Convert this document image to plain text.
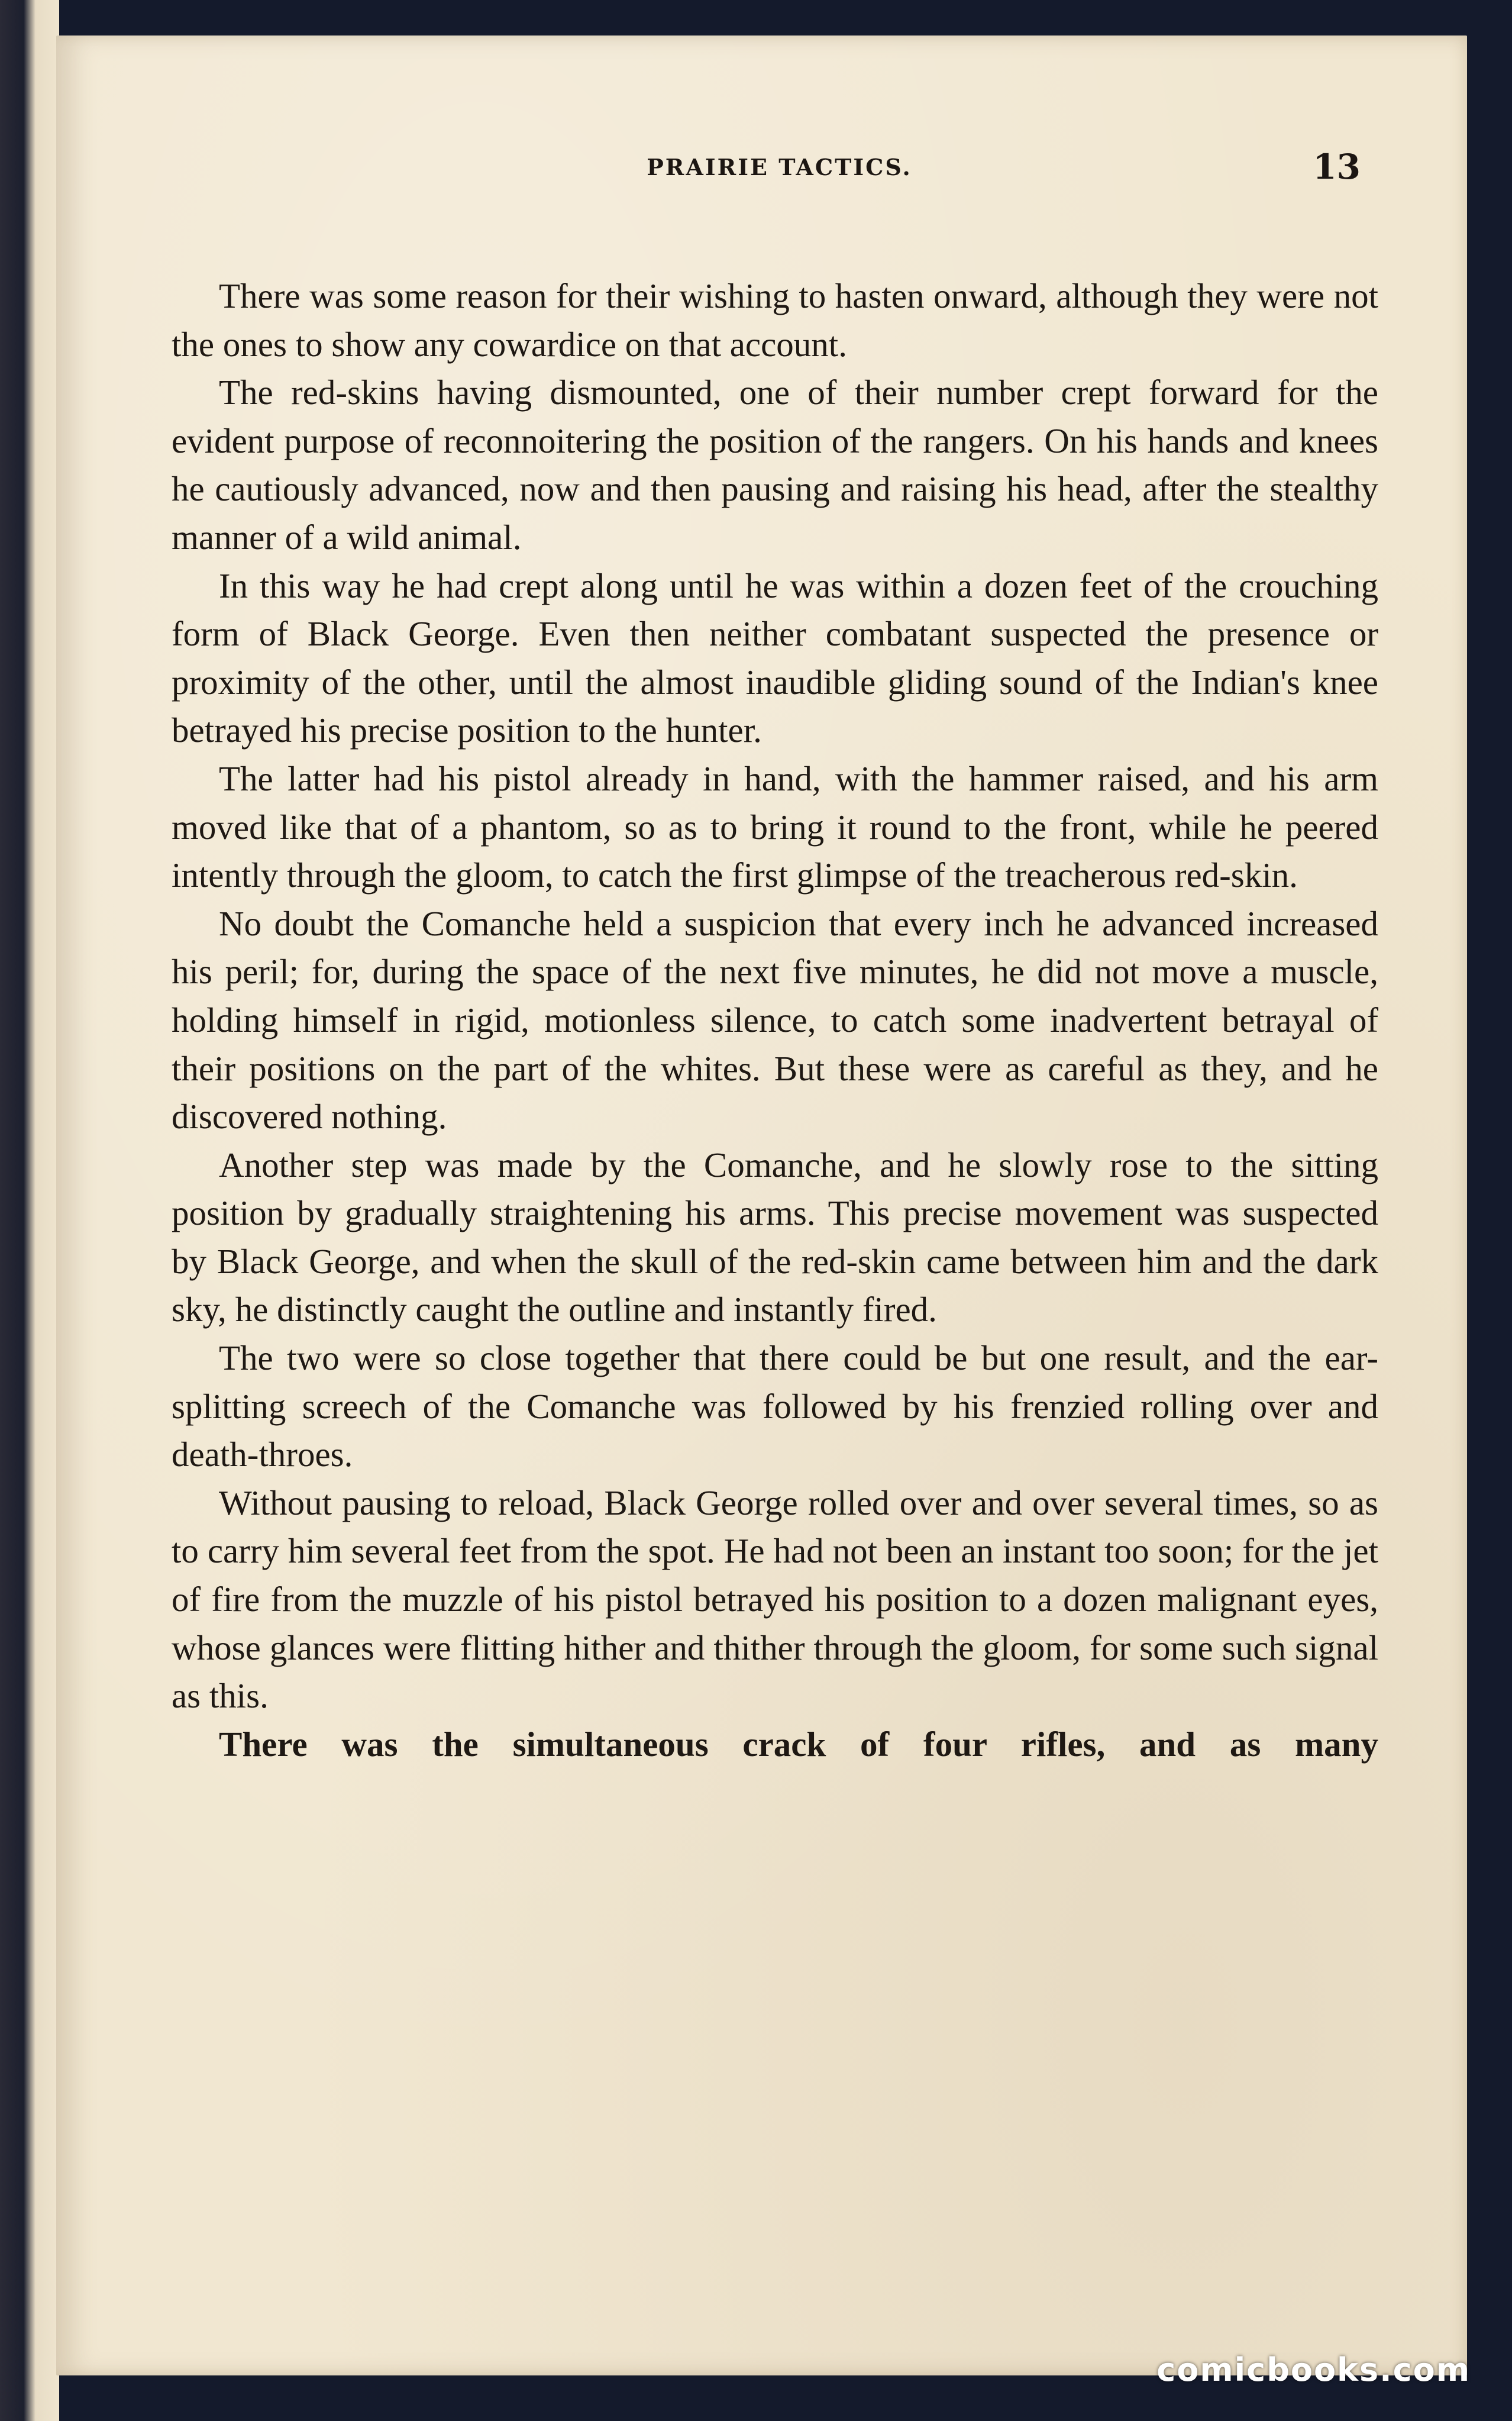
PRAIRIE TACTICS.	13

There was some reason for their wishing to hasten onward, although they were not the ones to show any cowardice on that account.

The red-skins having dismounted, one of their number crept forward for the evident purpose of reconnoitering the position of the rangers. On his hands and knees he cautiously advanced, now and then pausing and raising his head, after the stealthy manner of a wild animal.

In this way he had crept along until he was within a dozen feet of the crouching form of Black George. Even then neither combatant suspected the presence or proximity of the other, until the almost inaudible gliding sound of the Indian's knee betrayed his precise position to the hunter.

The latter had his pistol already in hand, with the hammer raised, and his arm moved like that of a phantom, so as to bring it round to the front, while he peered intently through the gloom, to catch the first glimpse of the treacherous red-skin.

No doubt the Comanche held a suspicion that every inch he advanced increased his peril; for, during the space of the next five minutes, he did not move a muscle, holding himself in rigid, motionless silence, to catch some inadvertent betrayal of their positions on the part of the whites. But these were as careful as they, and he discovered nothing.

Another step was made by the Comanche, and he slowly rose to the sitting position by gradually straightening his arms. This precise movement was suspected by Black George, and when the skull of the red-skin came between him and the dark sky, he distinctly caught the outline and instantly fired.

The two were so close together that there could be but one result, and the ear-splitting screech of the Comanche was followed by his frenzied rolling over and death-throes.

Without pausing to reload, Black George rolled over and over several times, so as to carry him several feet from the spot. He had not been an instant too soon; for the jet of fire from the muzzle of his pistol betrayed his position to a dozen malignant eyes, whose glances were flitting hither and thither through the gloom, for some such signal as this.

There was the simultaneous crack of four rifles, and as many

comicbooks.com
